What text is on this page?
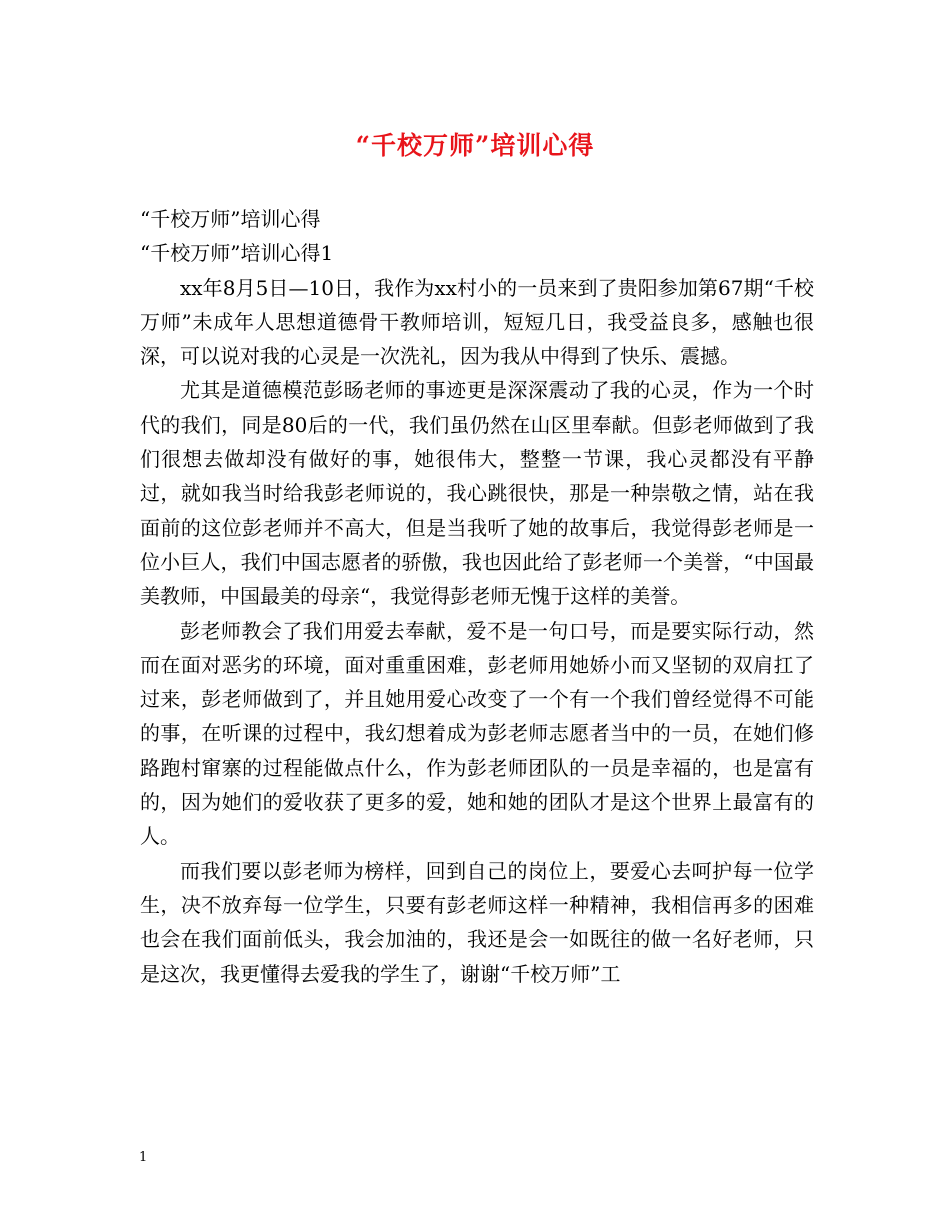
“千校万师”培训心得

“千校万师”培训心得

“千校万师”培训心得1

xx年8月5日—10日，我作为xx村小的一员来到了贵阳参加第67期“千校万师”未成年人思想道德骨干教师培训，短短几日，我受益良多，感触也很深，可以说对我的心灵是一次洗礼，因为我从中得到了快乐、震撼。

尤其是道德模范彭旸老师的事迹更是深深震动了我的心灵，作为一个时代的我们，同是80后的一代，我们虽仍然在山区里奉献。但彭老师做到了我们很想去做却没有做好的事，她很伟大，整整一节课，我心灵都没有平静过，就如我当时给我彭老师说的，我心跳很快，那是一种崇敬之情，站在我面前的这位彭老师并不高大，但是当我听了她的故事后，我觉得彭老师是一位小巨人，我们中国志愿者的骄傲，我也因此给了彭老师一个美誉，“中国最美教师，中国最美的母亲“，我觉得彭老师无愧于这样的美誉。

彭老师教会了我们用爱去奉献，爱不是一句口号，而是要实际行动，然而在面对恶劣的环境，面对重重困难，彭老师用她娇小而又坚韧的双肩扛了过来，彭老师做到了，并且她用爱心改变了一个有一个我们曾经觉得不可能的事，在听课的过程中，我幻想着成为彭老师志愿者当中的一员，在她们修路跑村窜寨的过程能做点什么，作为彭老师团队的一员是幸福的，也是富有的，因为她们的爱收获了更多的爱，她和她的团队才是这个世界上最富有的人。

而我们要以彭老师为榜样，回到自己的岗位上，要爱心去呵护每一位学生，决不放弃每一位学生，只要有彭老师这样一种精神，我相信再多的困难也会在我们面前低头，我会加油的，我还是会一如既往的做一名好老师，只是这次，我更懂得去爱我的学生了，谢谢“千校万师”工

1
